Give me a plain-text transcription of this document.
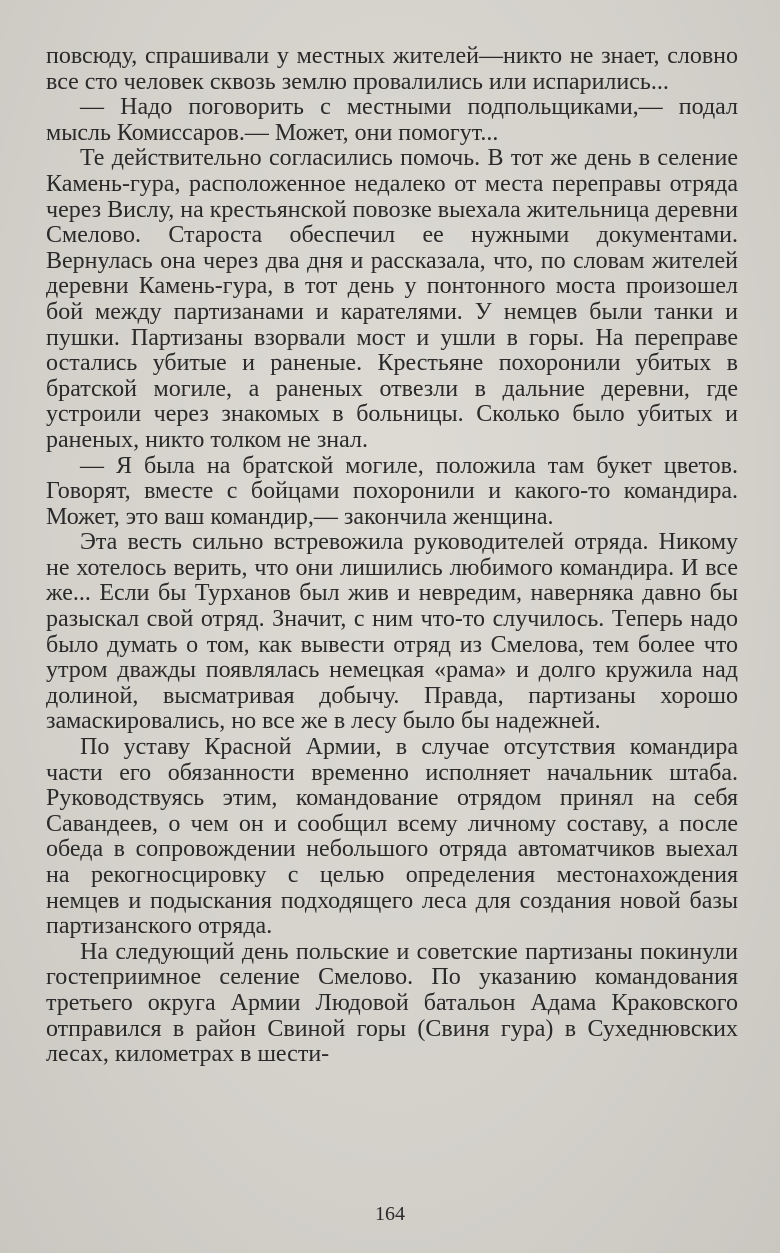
повсюду, спрашивали у местных жителей—никто не знает, словно все сто человек сквозь землю провалились или испарились...

— Надо поговорить с местными подпольщиками,— подал мысль Комиссаров.— Может, они помогут...

Те действительно согласились помочь. В тот же день в селение Камень-гура, расположенное недалеко от места переправы отряда через Вислу, на крестьянской повозке выехала жительница деревни Смелово. Староста обеспечил ее нужными документами. Вернулась она через два дня и рассказала, что, по словам жителей деревни Камень-гура, в тот день у понтонного моста произошел бой между партизанами и карателями. У немцев были танки и пушки. Партизаны взорвали мост и ушли в горы. На переправе остались убитые и раненые. Крестьяне похоронили убитых в братской могиле, а раненых отвезли в дальние деревни, где устроили через знакомых в больницы. Сколько было убитых и раненых, никто толком не знал.

— Я была на братской могиле, положила там букет цветов. Говорят, вместе с бойцами похоронили и какого-то командира. Может, это ваш командир,— закончила женщина.

Эта весть сильно встревожила руководителей отряда. Никому не хотелось верить, что они лишились любимого командира. И все же... Если бы Турханов был жив и невредим, наверняка давно бы разыскал свой отряд. Значит, с ним что-то случилось. Теперь надо было думать о том, как вывести отряд из Смелова, тем более что утром дважды появлялась немецкая «рама» и долго кружила над долиной, высматривая добычу. Правда, партизаны хорошо замаскировались, но все же в лесу было бы надежней.

По уставу Красной Армии, в случае отсутствия командира части его обязанности временно исполняет начальник штаба. Руководствуясь этим, командование отрядом принял на себя Савандеев, о чем он и сообщил всему личному составу, а после обеда в сопровождении небольшого отряда автоматчиков выехал на рекогносцировку с целью определения местонахождения немцев и подыскания подходящего леса для создания новой базы партизанского отряда.

На следующий день польские и советские партизаны покинули гостеприимное селение Смелово. По указанию командования третьего округа Армии Людовой батальон Адама Краковского отправился в район Свиной горы (Свиня гура) в Сухеднювских лесах, километрах в шести-

164
